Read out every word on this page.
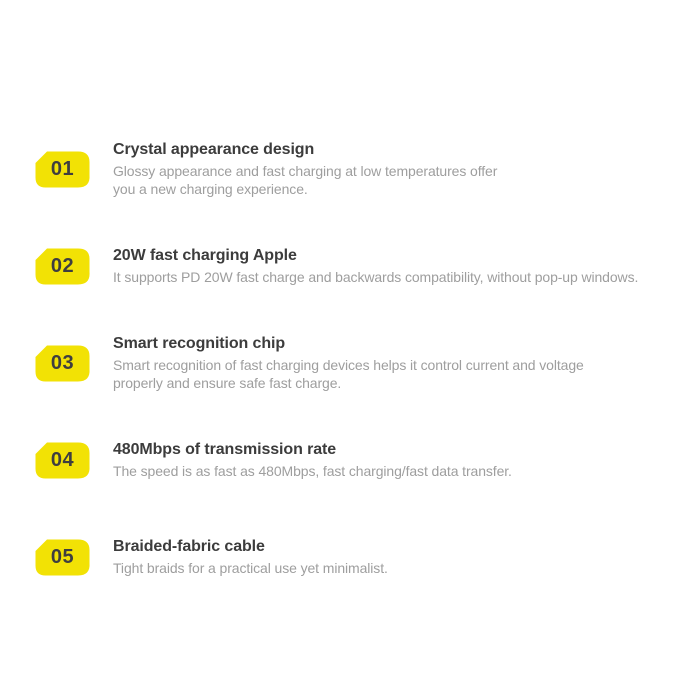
01
Crystal appearance design
Glossy appearance and fast charging at low temperatures offer
you a new charging experience.
02	20W fast charging Apple
It supports PD 20W fast charge and backwards compatibility, without pop-up windows.
03
Smart recognition chip
Smart recognition of fast charging devices helps it control current and voltage
properly and ensure safe fast charge.
04	480Mbps of transmission rate
The speed is as fast as 480Mbps, fast charging/fast data transfer.
05	Braided-fabric cable
Tight braids for a practical use yet minimalist.
